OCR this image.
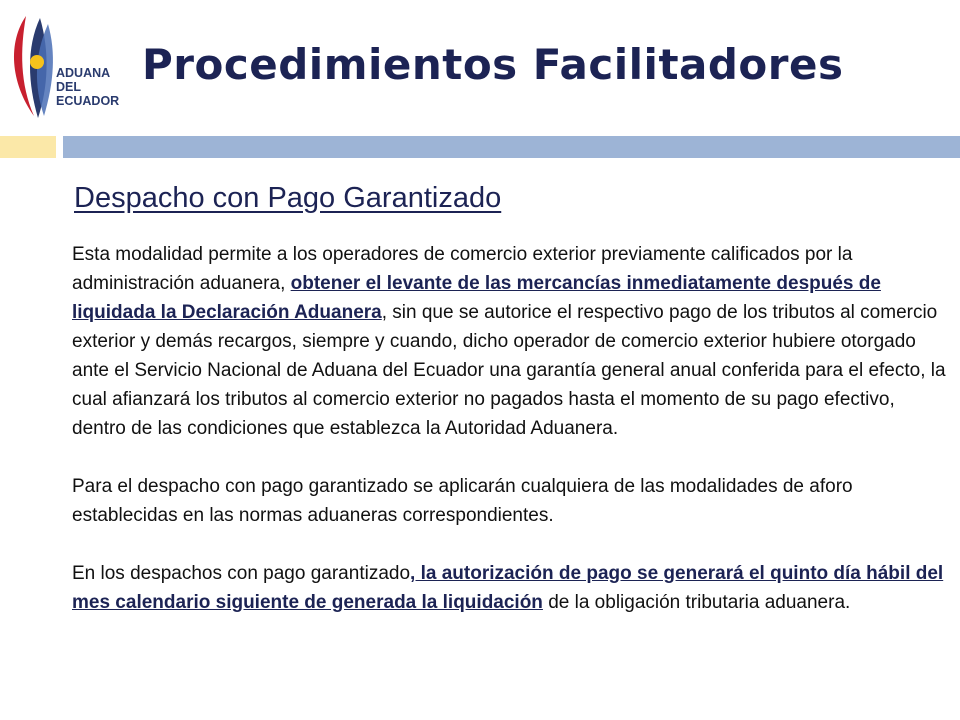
ADUANA
DEL
ECUADOR
Procedimientos Facilitadores
Despacho con Pago Garantizado

Esta modalidad permite a los operadores de comercio exterior previamente calificados por la administración aduanera, obtener el levante de las mercancías inmediatamente después de liquidada la Declaración Aduanera, sin que se autorice el respectivo pago de los tributos al comercio exterior y demás recargos, siempre y cuando, dicho operador de comercio exterior hubiere otorgado ante el Servicio Nacional de Aduana del Ecuador una garantía general anual conferida para el efecto, la cual afianzará los tributos al comercio exterior no pagados hasta el momento de su pago efectivo, dentro de las condiciones que establezca la Autoridad Aduanera.

Para el despacho con pago garantizado se aplicarán cualquiera de las modalidades de aforo establecidas en las normas aduaneras correspondientes.

En los despachos con pago garantizado, la autorización de pago se generará el quinto día hábil del mes calendario siguiente de generada la liquidación de la obligación tributaria aduanera.
